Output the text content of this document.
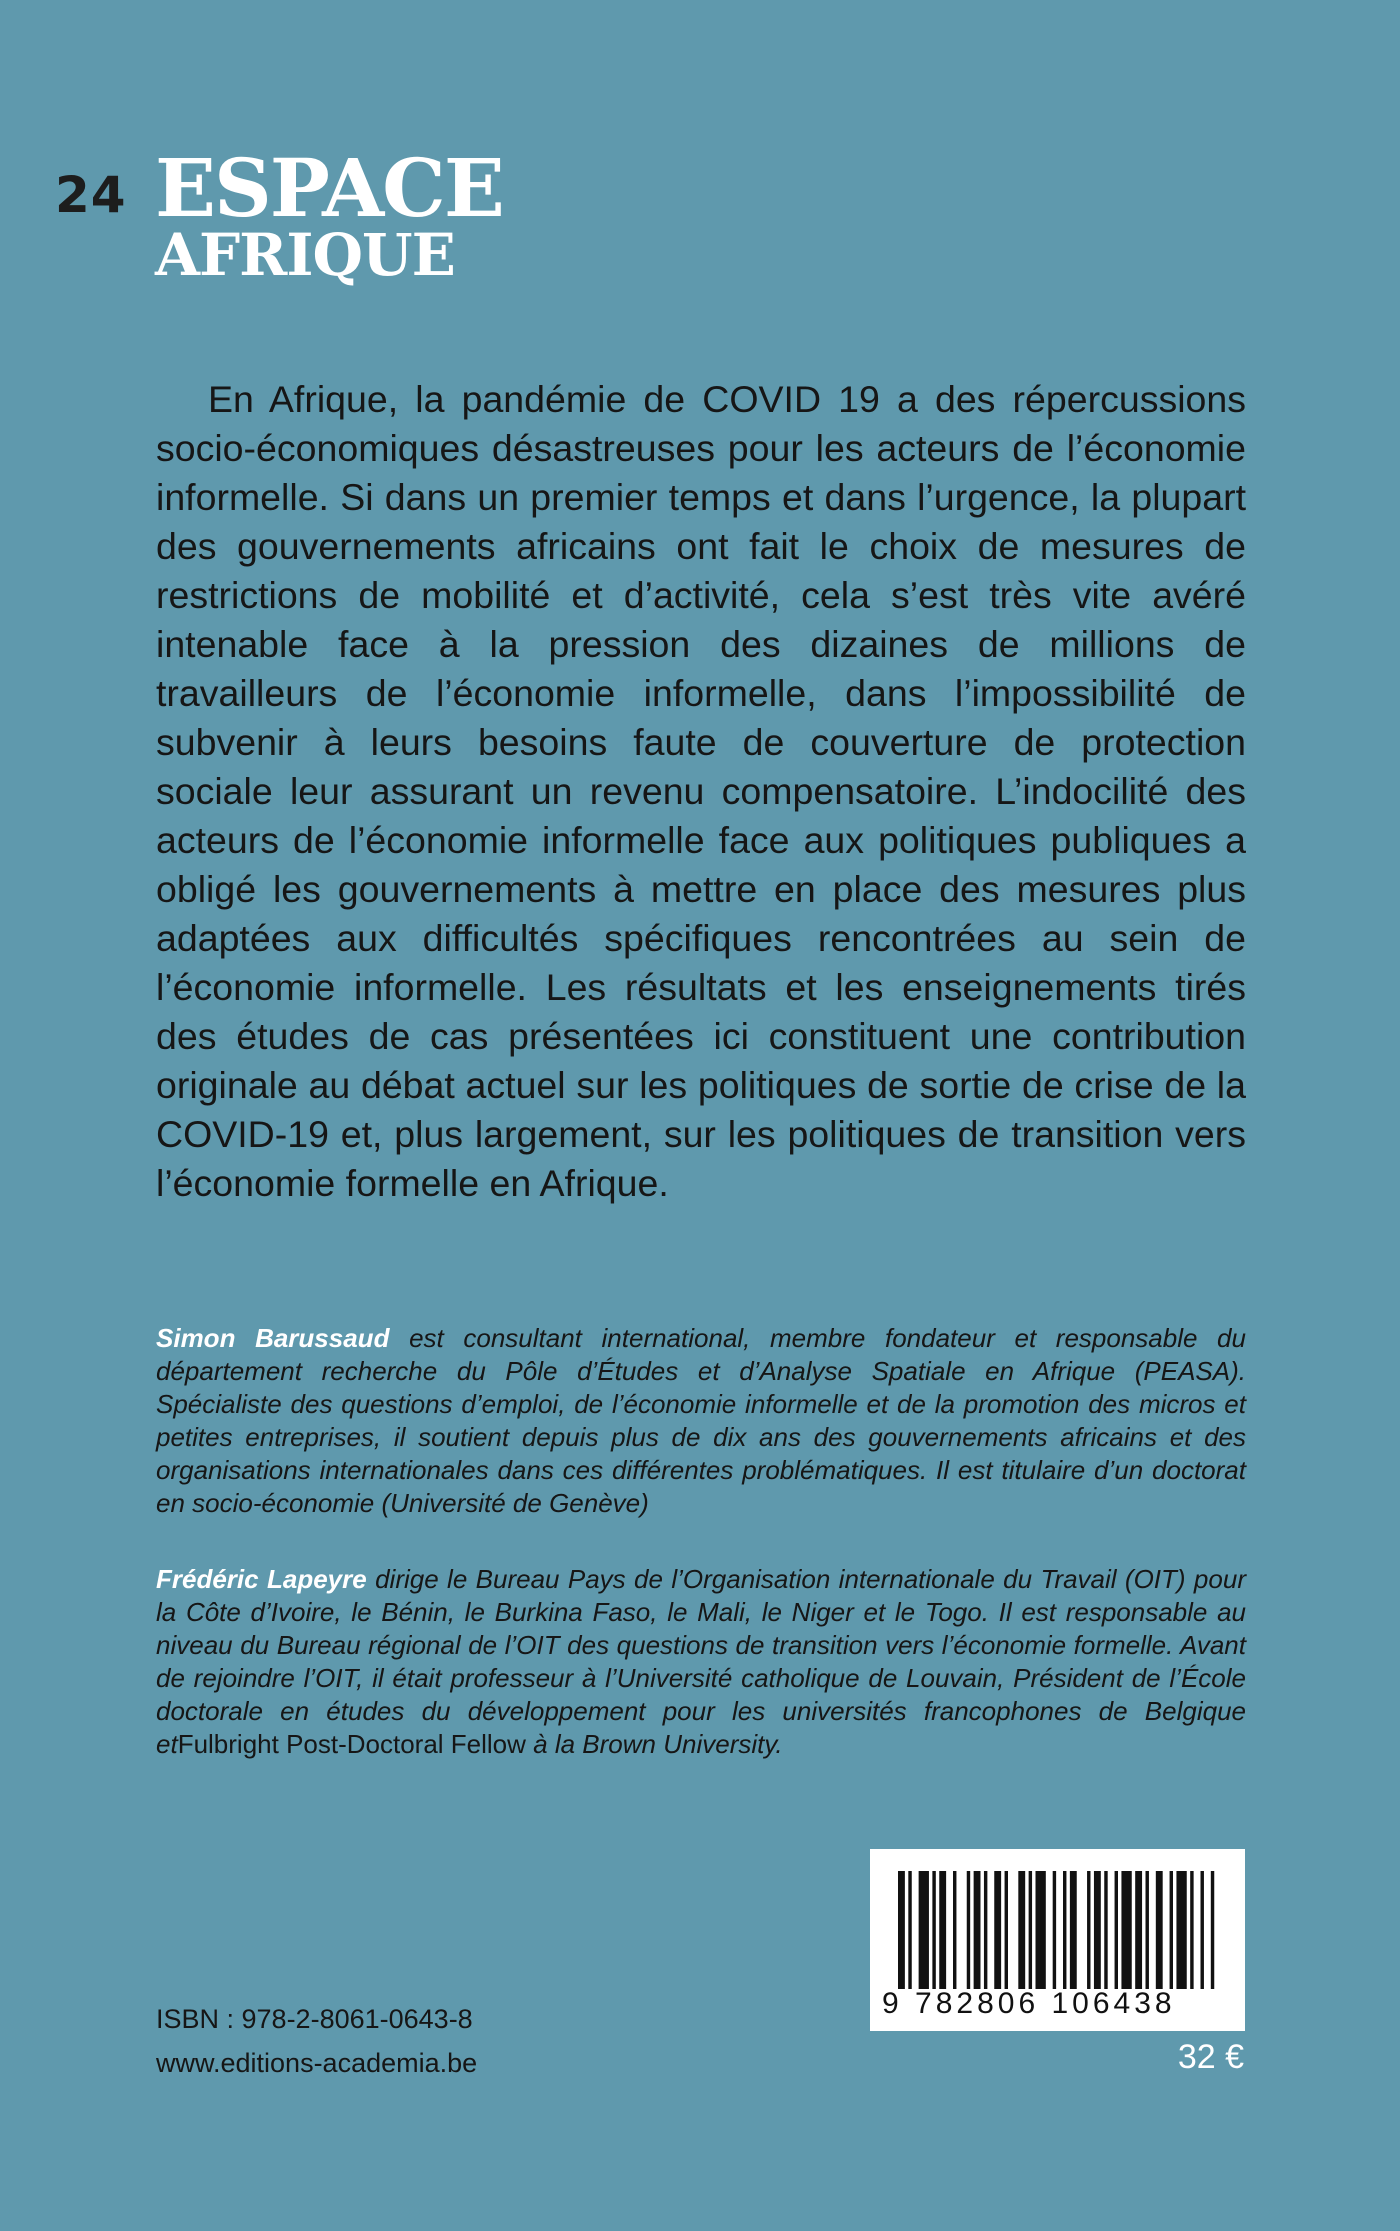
24 ESPACE
AFRIQUE

En Afrique, la pandémie de COVID 19 a des répercussions socio-économiques désastreuses pour les acteurs de l’économie informelle. Si dans un premier temps et dans l’urgence, la plupart des gouvernements africains ont fait le choix de mesures de restrictions de mobilité et d’activité, cela s’est très vite avéré intenable face à la pression des dizaines de millions de travailleurs de l’économie informelle, dans l’impossibilité de subvenir à leurs besoins faute de couverture de protection sociale leur assurant un revenu compensatoire. L’indocilité des acteurs de l’économie informelle face aux politiques publiques a obligé les gouvernements à mettre en place des mesures plus adaptées aux difficultés spécifiques rencontrées au sein de l’économie informelle. Les résultats et les enseignements tirés des études de cas présentées ici constituent une contribution originale au débat actuel sur les politiques de sortie de crise de la COVID-19 et, plus largement, sur les politiques de transition vers l’économie formelle en Afrique.

Simon Barussaud est consultant international, membre fondateur et responsable du département recherche du Pôle d’Études et d’Analyse Spatiale en Afrique (PEASA). Spécialiste des questions d’emploi, de l’économie informelle et de la promotion des micros et petites entreprises, il soutient depuis plus de dix ans des gouvernements africains et des organisations internationales dans ces différentes problématiques. Il est titulaire d’un doctorat en socio-économie (Université de Genève)

Frédéric Lapeyre dirige le Bureau Pays de l’Organisation internationale du Travail (OIT) pour la Côte d’Ivoire, le Bénin, le Burkina Faso, le Mali, le Niger et le Togo. Il est responsable au niveau du Bureau régional de l’OIT des questions de transition vers l’économie formelle. Avant de rejoindre l’OIT, il était professeur à l’Université catholique de Louvain, Président de l’École doctorale en études du développement pour les universités francophones de Belgique etFulbright Post-Doctoral Fellow à la Brown University.

9 782806 106438
ISBN : 978-2-8061-0643-8
www.editions-academia.be	32 €
